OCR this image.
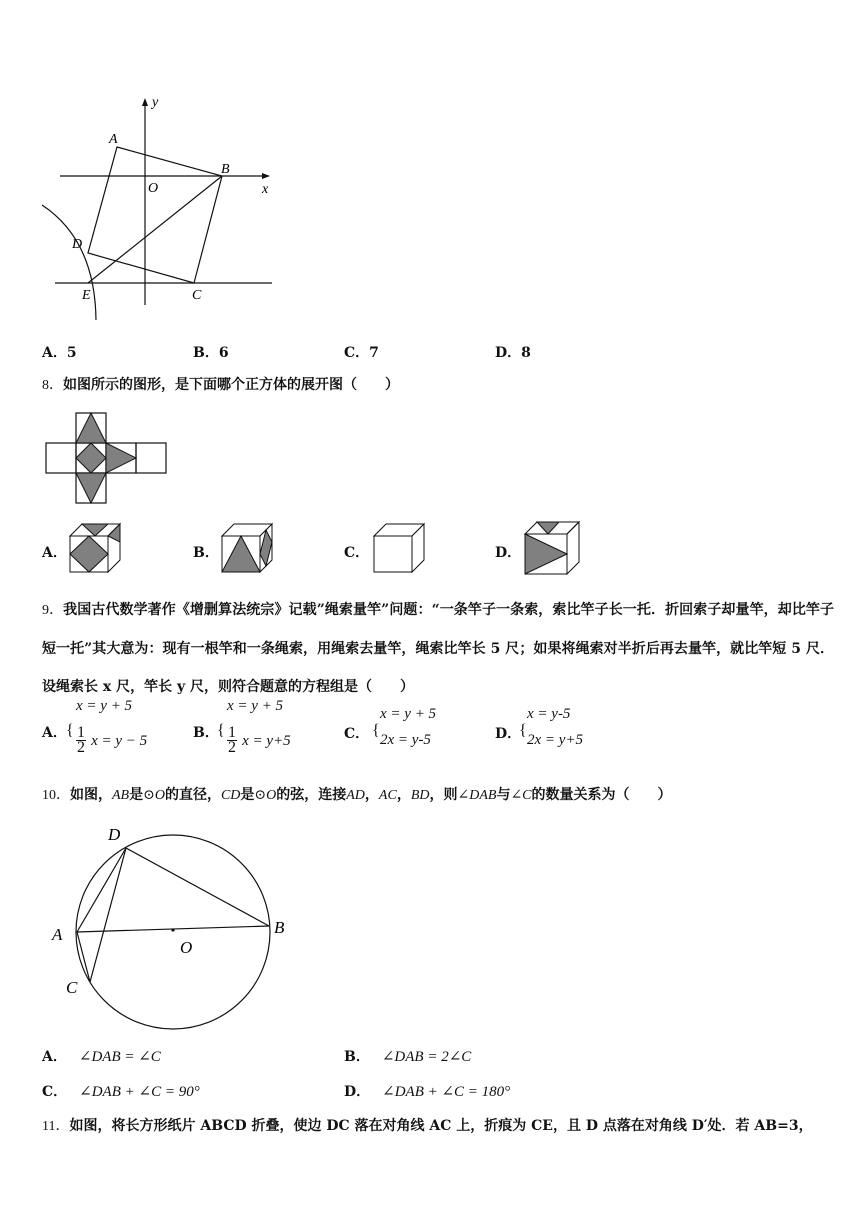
y
x
A
B
O
D
E	C
A．5	B．6	C．7	D．8
8．如图所示的图形，是下面哪个正方体的展开图（　　）
A．	B．	C．	D．
9．我国古代数学著作《增删算法统宗》记载”绳索量竿”问题：“一条竿子一条索，索比竿子长一托．折回索子却量竿，却比竿子短一托”其大意为：现有一根竿和一条绳索，用绳索去量竿，绳索比竿长 5 尺；如果将绳索对半折后再去量竿，就比竿短 5 尺．设绳索长 x 尺，竿长 y 尺，则符合题意的方程组是（　　）
A． {
x = y + 5
$\frac{1}{2}$ x = y − 5	B．
{
x = y + 5
$\frac{1}{2}$ x = y+5	C． {
x = y + 5
2x = y-5	D．
{
x = y-5
2x = y+5
10．如图，AB是⊙O的直径，CD是⊙O的弦，连接AD，AC，BD，则∠DAB与∠C的数量关系为（　　）
D
A	B
O
C
A． ∠DAB = ∠C	B． ∠DAB = 2∠C
C． ∠DAB + ∠C = 90°	D． ∠DAB + ∠C = 180°
11．如图，将长方形纸片 ABCD 折叠，使边 DC 落在对角线 AC 上，折痕为 CE，且 D 点落在对角线 D′处．若 AB=3，
